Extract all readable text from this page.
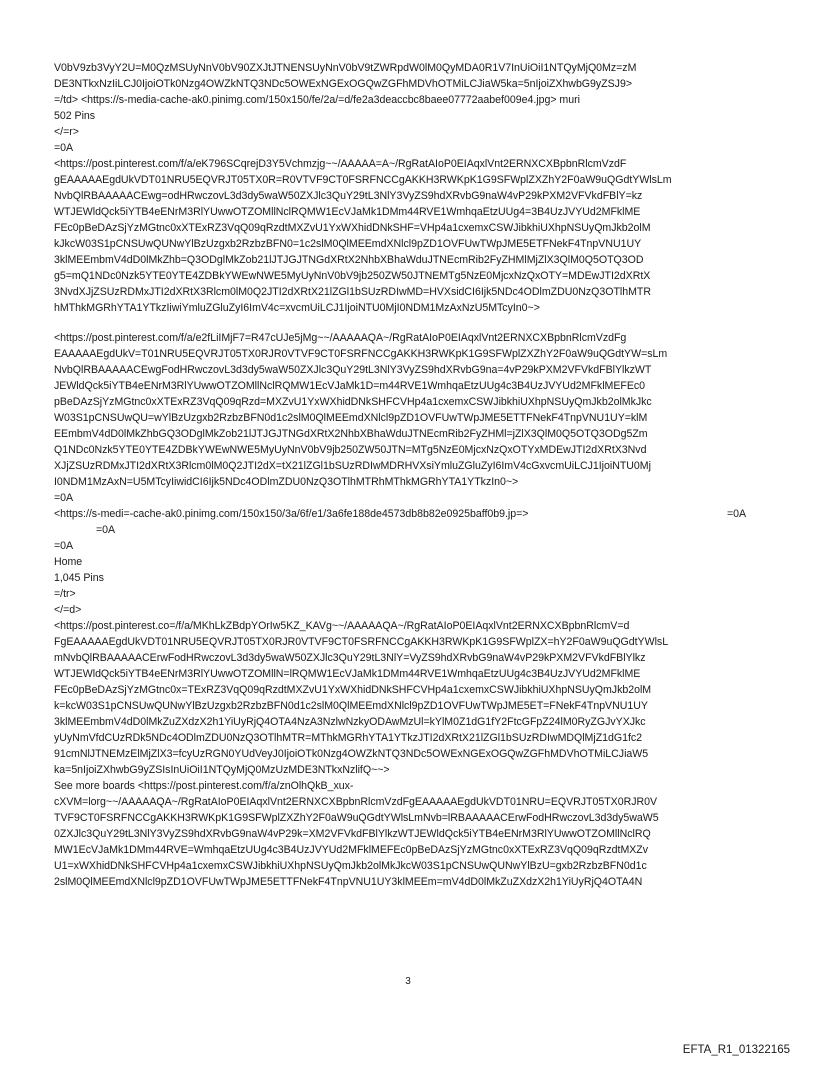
V0bV9zb3VyY2U=M0QzMSUyNnV0bV90ZXJtJTNENSUyNnV0bV9tZWRpdW0lM0QyMDA0R1V7InUiOiI1NTQyMjQ0Mz=zM
DE3NTkxNzIiLCJ0IjoiOTk0Nzg4OWZkNTQ3NDc5OWExNGExOGQwZGFhMDVhOTMiLCJiaW5ka=5nIjoiZXhwbG9yZSJ9>
=/td> <https://s-media-cache-ak0.pinimg.com/150x150/fe/2a/=d/fe2a3deaccbc8baee07772aabef009e4.jpg> muri
502 Pins
</=r>
=0A
<https://post.pinterest.com/f/a/eK796SCqrejD3Y5Vchmzjg~~/AAAAA=A~/RgRatAIoP0EIAqxlVnt2ERNXCXBpbnRlcmVzdF
gEAAAAAEgdUkVDT01NRU5EQVRJT05TX0R=R0VTVF9CT0FSRFNCCgAKKH3RWKpK1G9SFWplZXZhY2F0aW9uQGdtYWlsLm
NvbQlRBAAAAACEwg=odHRwczovL3d3dy5waW50ZXJlc3QuY29tL3NlY3VyZS9hdXRvbG9naW4vP29kPXM2VFVkdFBlY=kz
WTJEWldQck5iYTB4eENrM3RlYUwwOTZOMllNclRQMW1EcVJaMk1DMm44RVE1WmhqaEtzUUg4=3B4UzJVYUd2MFklME
FEc0pBeDAzSjYzMGtnc0xXTExRZ3VqQ09qRzdtMXZvU1YxWXhidDNkSHF=VHp4a1cxemxCSWJibkhiUXhpNSUyQmJkb2olM
kJkcW03S1pCNSUwQUNwYlBzUzgxb2RzbzBFN0=1c2slM0QlMEEmdXNlcl9pZD1OVFUwTWpJME5ETFNekF4TnpVNU1UY
3klMEEmbmV4dD0lMkZhb=Q3ODglMkZob21lJTJGJTNGdXRtX2NhbXBhaWduJTNEcmRib2FyZHMlMjZlX3QlM0Q5OTQ3OD
g5=mQ1NDc0Nzk5YTE0YTE4ZDBkYWEwNWE5MyUyNnV0bV9jb250ZW50JTNEMTg5NzE0MjcxNzQxOTY=MDEwJTI2dXRtX
3NvdXJjZSUzRDMxJTI2dXRtX3Rlcm0lM0Q2JTI2dXRtX21lZGl1bSUzRDIwMD=HVXsidCI6Ijk5NDc4ODlmZDU0NzQ3OTlhMTR
hMThkMGRhYTA1YTkzIiwiYmluZGluZyI6ImV4c=xvcmUiLCJ1IjoiNTU0MjI0NDM1MzAxNzU5MTcyIn0~>
<https://post.pinterest.com/f/a/e2fLiIMjF7=R47cUJe5jMg~~/AAAAAQA~/RgRatAIoP0EIAqxlVnt2ERNXCXBpbnRlcmVzdFg
EAAAAAEgdUkV=T01NRU5EQVRJT05TX0RJR0VTVF9CT0FSRFNCCgAKKH3RWKpK1G9SFWplZXZhY2F0aW9uQGdtYW=sLm
NvbQlRBAAAAACEwgFodHRwczovL3d3dy5waW50ZXJlc3QuY29tL3NlY3VyZS9hdXRvbG9na=4vP29kPXM2VFVkdFBlYlkzWT
JEWldQck5iYTB4eENrM3RlYUwwOTZOMllNclRQMW1EcVJaMk1D=m44RVE1WmhqaEtzUUg4c3B4UzJVYUd2MFklMEFEc0
pBeDAzSjYzMGtnc0xXTExRZ3VqQ09qRzd=MXZvU1YxWXhidDNkSHFCVHp4a1cxemxCSWJibkhiUXhpNSUyQmJkb2olMkJkc
W03S1pCNSUwQU=wYlBzUzgxb2RzbzBFN0d1c2slM0QlMEEmdXNlcl9pZD1OVFUwTWpJME5ETTFNekF4TnpVNU1UY=klM
EEmbmV4dD0lMkZhbGQ3ODglMkZob21lJTJGJTNGdXRtX2NhbXBhaWduJTNEcmRib2FyZHMl=jZlX3QlM0Q5OTQ3ODg5Zm
Q1NDc0Nzk5YTE0YTE4ZDBkYWEwNWE5MyUyNnV0bV9jb250ZW50JTN=MTg5NzE0MjcxNzQxOTYxMDEwJTI2dXRtX3Nvd
XJjZSUzRDMxJTI2dXRtX3Rlcm0lM0Q2JTI2dX=tX21lZGl1bSUzRDIwMDRHVXsiYmluZGluZyI6ImV4cGxvcmUiLCJ1IjoiNTU0Mj
I0NDM1MzAxN=U5MTcyIiwidCI6Ijk5NDc4ODlmZDU0NzQ3OTlhMTRhMThkMGRhYTA1YTkzIn0~>
=0A
<https://s-medi=-cache-ak0.pinimg.com/150x150/3a/6f/e1/3a6fe188de4573db8b82e0925baff0b9.jp=>	=0A
=0A
=0A
Home
1,045 Pins
=/tr>
</=d>
<https://post.pinterest.co=/f/a/MKhLkZBdpYOrIw5KZ_KAVg~~/AAAAAQA~/RgRatAIoP0EIAqxlVnt2ERNXCXBpbnRlcmV=d
FgEAAAAAEgdUkVDT01NRU5EQVRJT05TX0RJR0VTVF9CT0FSRFNCCgAKKH3RWKpK1G9SFWplZX=hY2F0aW9uQGdtYWlsL
mNvbQlRBAAAAACErwFodHRwczovL3d3dy5waW50ZXJlc3QuY29tL3NlY=VyZS9hdXRvbG9naW4vP29kPXM2VFVkdFBlYlkz
WTJEWldQck5iYTB4eENrM3RlYUwwOTZOMllN=lRQMW1EcVJaMk1DMm44RVE1WmhqaEtzUUg4c3B4UzJVYUd2MFklME
FEc0pBeDAzSjYzMGtnc0x=TExRZ3VqQ09qRzdtMXZvU1YxWXhidDNkSHFCVHp4a1cxemxCSWJibkhiUXhpNSUyQmJkb2olM
k=kcW03S1pCNSUwQUNwYlBzUzgxb2RzbzBFN0d1c2slM0QlMEEmdXNlcl9pZD1OVFUwTWpJME5ET=FNekF4TnpVNU1UY
3klMEEmbmV4dD0lMkZuZXdzX2h1YiUyRjQ4OTA4NzA3NzlwNzkyODAwMzUl=kYlM0Z1dG1fY2FtcGFpZ24lM0RyZGJvYXJkc
yUyNmVfdCUzRDk5NDc4ODlmZDU0NzQ3OTlhMTR=MThkMGRhYTA1YTkzJTI2dXRtX21lZGl1bSUzRDIwMDQlMjZ1dG1fc2
91cmNlJTNEMzElMjZlX3=fcyUzRGN0YUdVeyJ0IjoiOTk0Nzg4OWZkNTQ3NDc5OWExNGExOGQwZGFhMDVhOTMiLCJiaW5
ka=5nIjoiZXhwbG9yZSIsInUiOiI1NTQyMjQ0MzUzMDE3NTkxNzlifQ~~>
See more boards <https://post.pinterest.com/f/a/znOlhQkB_xux-
cXVM=lorg~~/AAAAAQA~/RgRatAIoP0EIAqxlVnt2ERNXCXBpbnRlcmVzdFgEAAAAAEgdUkVDT01NRU=EQVRJT05TX0RJR0V
TVF9CT0FSRFNCCgAKKH3RWKpK1G9SFWplZXZhY2F0aW9uQGdtYWlsLmNvb=lRBAAAAACErwFodHRwczovL3d3dy5waW5
0ZXJlc3QuY29tL3NlY3VyZS9hdXRvbG9naW4vP29k=XM2VFVkdFBlYlkzWTJEWldQck5iYTB4eENrM3RlYUwwOTZOMllNclRQ
MW1EcVJaMk1DMm44RVE=WmhqaEtzUUg4c3B4UzJVYUd2MFklMEFEc0pBeDAzSjYzMGtnc0xXTExRZ3VqQ09qRzdtMXZv
U1=xWXhidDNkSHFCVHp4a1cxemxCSWJibkhiUXhpNSUyQmJkb2olMkJkcW03S1pCNSUwQUNwYlBzU=gxb2RzbzBFN0d1c
2slM0QlMEEmdXNlcl9pZD1OVFUwTWpJME5ETTFNekF4TnpVNU1UY3klMEEm=mV4dD0lMkZuZXdzX2h1YiUyRjQ4OTA4N
3
EFTA_R1_01322165
